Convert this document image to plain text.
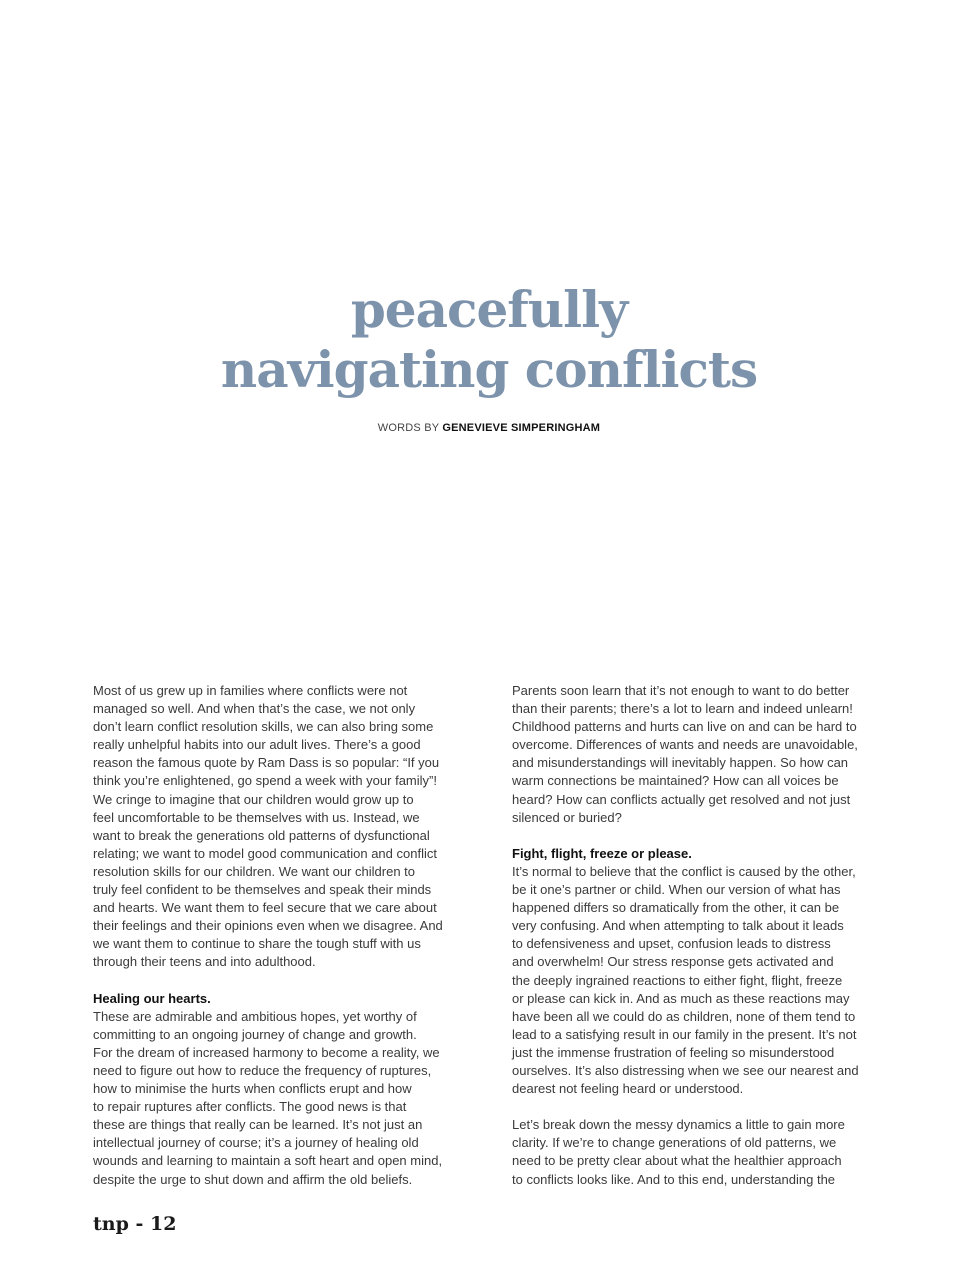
peacefully
navigating conflicts
WORDS BY GENEVIEVE SIMPERINGHAM
Most of us grew up in families where conflicts were not
managed so well. And when that’s the case, we not only
don’t learn conflict resolution skills, we can also bring some
really unhelpful habits into our adult lives. There’s a good
reason the famous quote by Ram Dass is so popular: “If you
think you’re enlightened, go spend a week with your family”!
We cringe to imagine that our children would grow up to
feel uncomfortable to be themselves with us. Instead, we
want to break the generations old patterns of dysfunctional
relating; we want to model good communication and conflict
resolution skills for our children. We want our children to
truly feel confident to be themselves and speak their minds
and hearts. We want them to feel secure that we care about
their feelings and their opinions even when we disagree. And
we want them to continue to share the tough stuff with us
through their teens and into adulthood.
Healing our hearts.
These are admirable and ambitious hopes, yet worthy of
committing to an ongoing journey of change and growth.
For the dream of increased harmony to become a reality, we
need to figure out how to reduce the frequency of ruptures,
how to minimise the hurts when conflicts erupt and how
to repair ruptures after conflicts. The good news is that
these are things that really can be learned. It’s not just an
intellectual journey of course; it’s a journey of healing old
wounds and learning to maintain a soft heart and open mind,
despite the urge to shut down and affirm the old beliefs.
Parents soon learn that it’s not enough to want to do better
than their parents; there’s a lot to learn and indeed unlearn!
Childhood patterns and hurts can live on and can be hard to
overcome. Differences of wants and needs are unavoidable,
and misunderstandings will inevitably happen. So how can
warm connections be maintained? How can all voices be
heard? How can conflicts actually get resolved and not just
silenced or buried?
Fight, flight, freeze or please.
It’s normal to believe that the conflict is caused by the other,
be it one’s partner or child. When our version of what has
happened differs so dramatically from the other, it can be
very confusing. And when attempting to talk about it leads
to defensiveness and upset, confusion leads to distress
and overwhelm! Our stress response gets activated and
the deeply ingrained reactions to either fight, flight, freeze
or please can kick in. And as much as these reactions may
have been all we could do as children, none of them tend to
lead to a satisfying result in our family in the present. It’s not
just the immense frustration of feeling so misunderstood
ourselves. It’s also distressing when we see our nearest and
dearest not feeling heard or understood.
Let’s break down the messy dynamics a little to gain more
clarity. If we’re to change generations of old patterns, we
need to be pretty clear about what the healthier approach
to conflicts looks like. And to this end, understanding the
tnp - 12
